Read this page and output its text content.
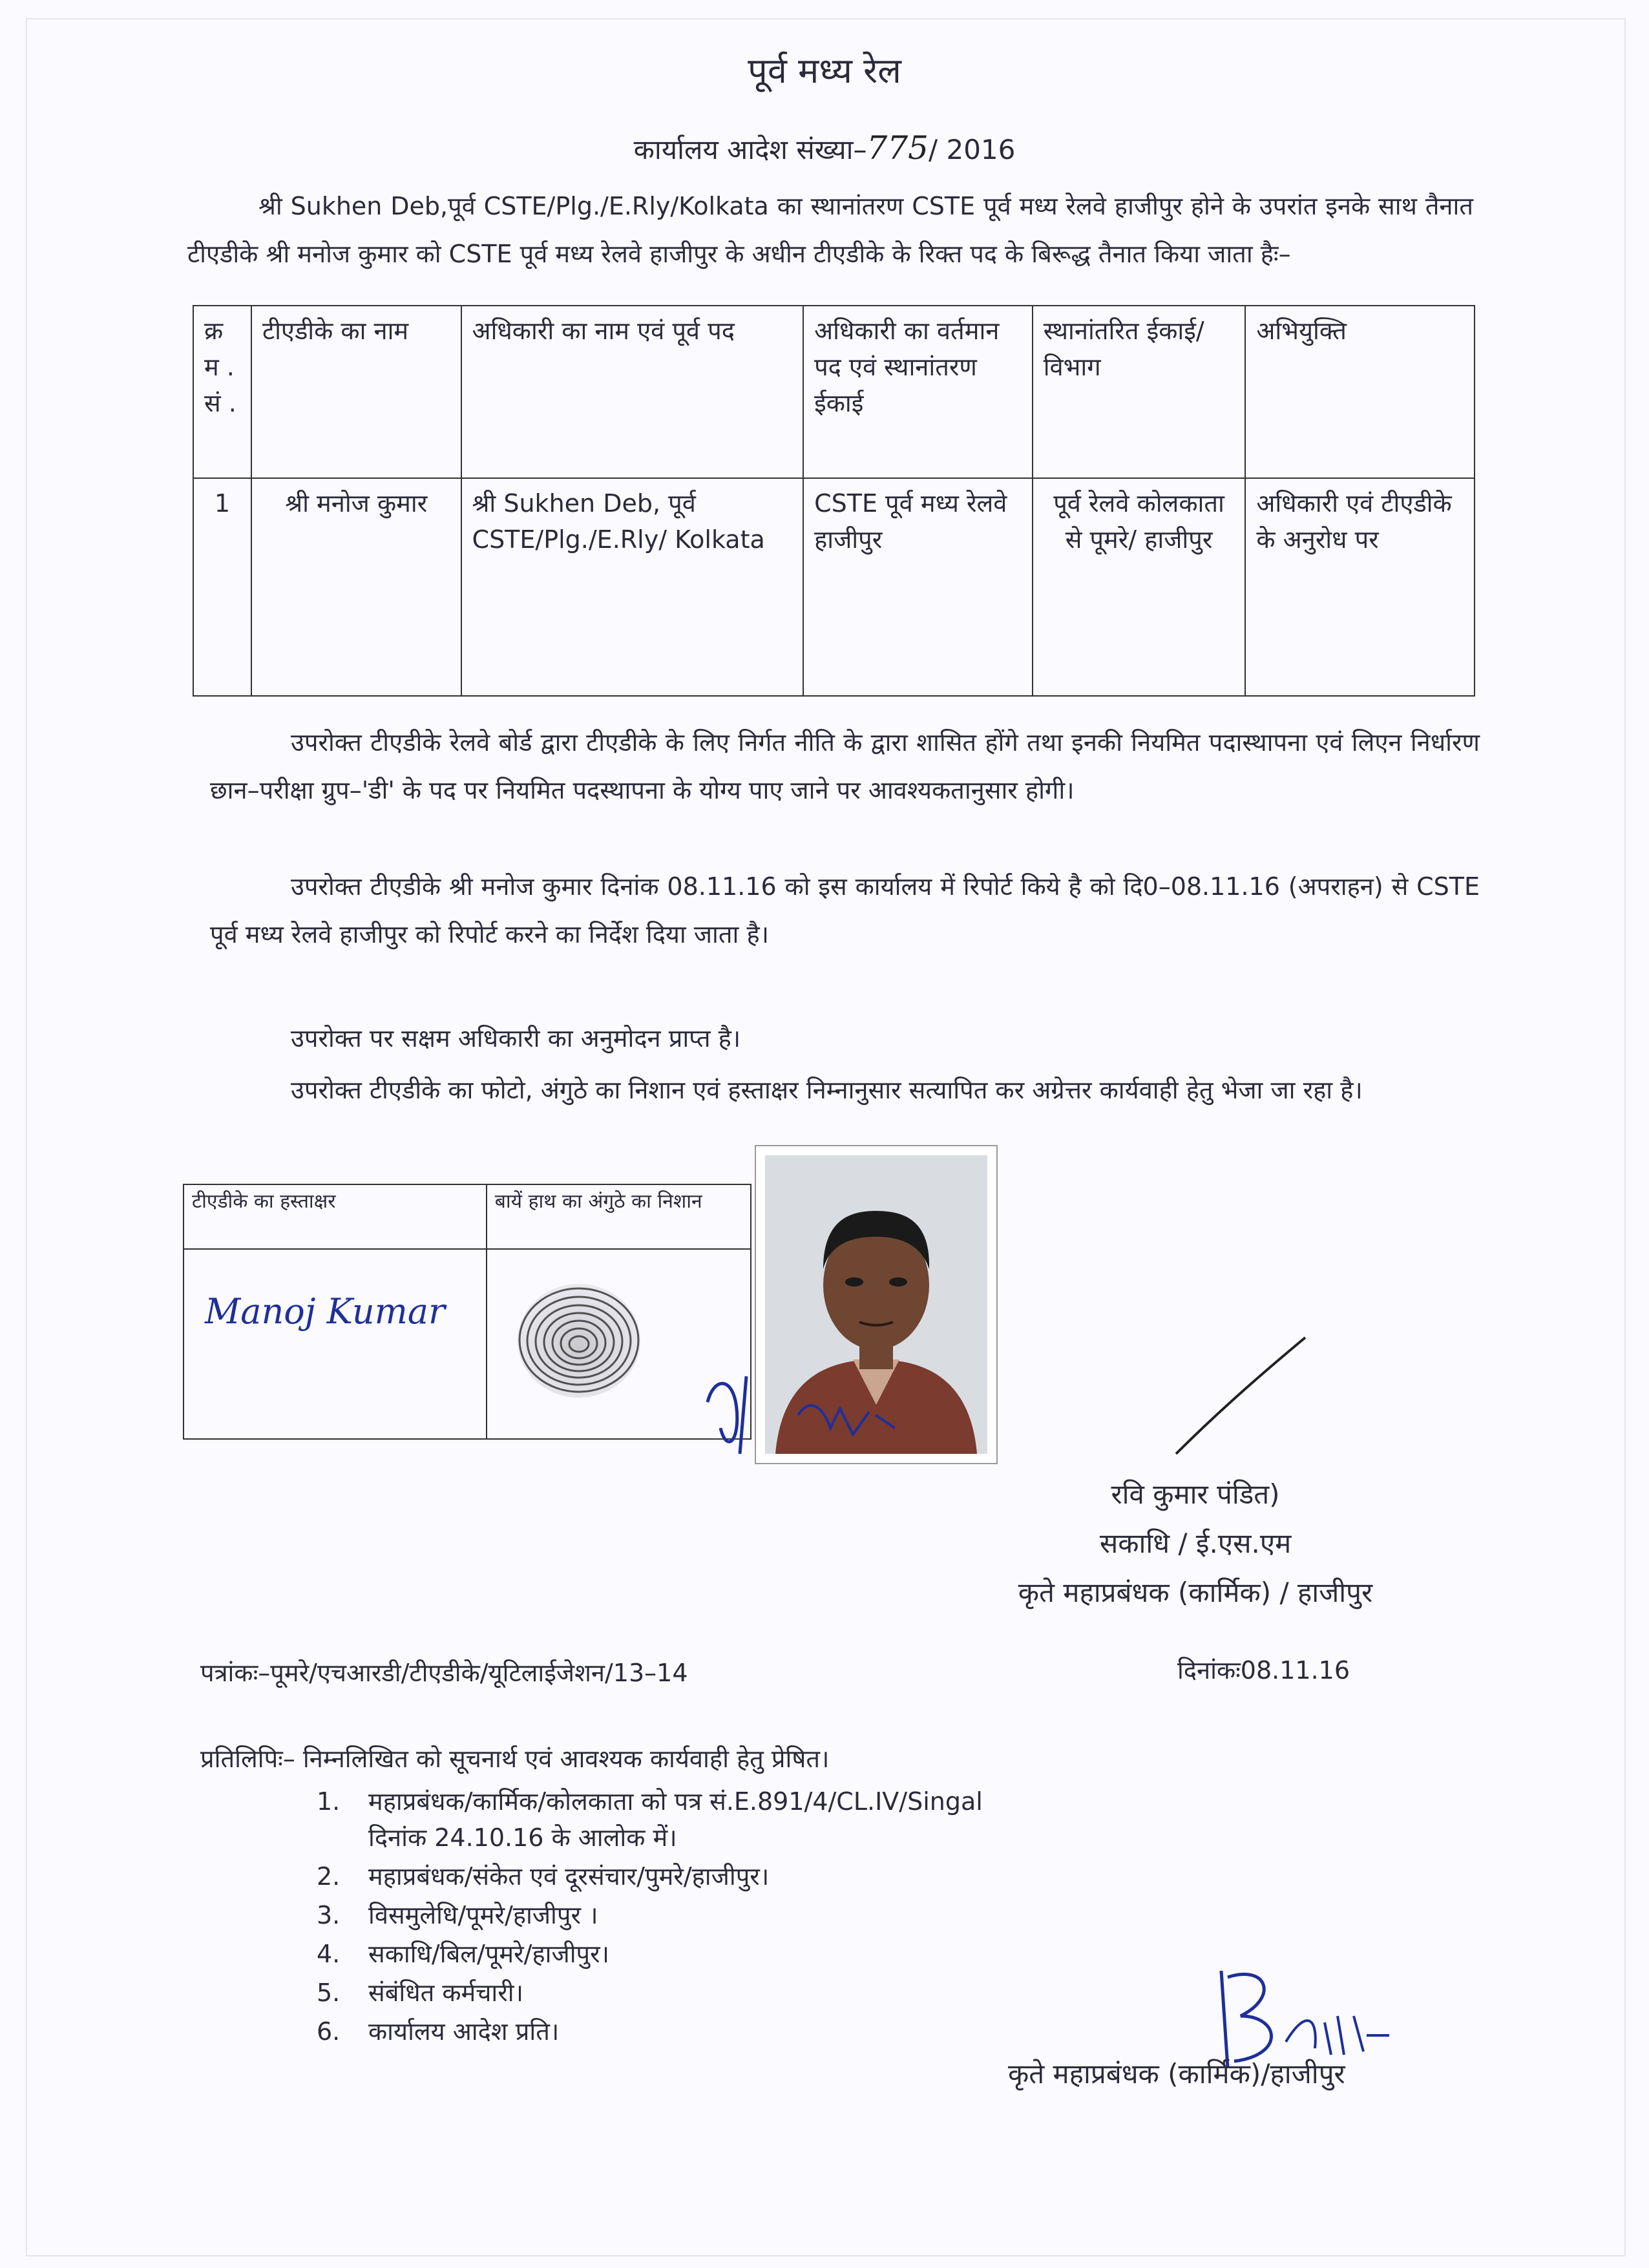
पूर्व मध्य रेल
कार्यालय आदेश संख्या–775/ 2016
श्री Sukhen Deb,पूर्व CSTE/Plg./E.Rly/Kolkata का स्थानांतरण CSTE पूर्व मध्य रेलवे हाजीपुर होने के उपरांत इनके साथ तैनात टीएडीके श्री मनोज कुमार को CSTE पूर्व मध्य रेलवे हाजीपुर के अधीन टीएडीके के रिक्त पद के बिरूद्ध तैनात किया जाता हैः–
क्र म . सं .	टीएडीके का नाम	अधिकारी का नाम एवं पूर्व पद	अधिकारी का वर्तमान पद एवं स्थानांतरण ईकाई	स्थानांतरित ईकाई/ विभाग	अभियुक्ति
1	श्री मनोज कुमार	श्री Sukhen Deb, पूर्व CSTE/Plg./E.Rly/ Kolkata	CSTE पूर्व मध्य रेलवे हाजीपुर	पूर्व रेलवे कोलकाता से पूमरे/ हाजीपुर	अधिकारी एवं टीएडीके के अनुरोध पर
उपरोक्त टीएडीके रेलवे बोर्ड द्वारा टीएडीके के लिए निर्गत नीति के द्वारा शासित होंगे तथा इनकी नियमित पदास्थापना एवं लिएन निर्धारण छान–परीक्षा ग्रुप–'डी' के पद पर नियमित पदस्थापना के योग्य पाए जाने पर आवश्यकतानुसार होगी।
उपरोक्त टीएडीके श्री मनोज कुमार दिनांक 08.11.16 को इस कार्यालय में रिपोर्ट किये है को दि0–08.11.16 (अपराहन) से CSTE पूर्व मध्य रेलवे हाजीपुर को रिपोर्ट करने का निर्देश दिया जाता है।
उपरोक्त पर सक्षम अधिकारी का अनुमोदन प्राप्त है।
उपरोक्त टीएडीके का फोटो, अंगुठे का निशान एवं हस्ताक्षर निम्नानुसार सत्यापित कर अग्रेत्तर कार्यवाही हेतु भेजा जा रहा है।
टीएडीके का हस्ताक्षर	बायें हाथ का अंगुठे का निशान

Manoj Kumar

रवि कुमार पंडित)
सकाधि / ई.एस.एम
कृते महाप्रबंधक (कार्मिक) / हाजीपुर
पत्रांकः–पूमरे/एचआरडी/टीएडीके/यूटिलाईजेशन/13–14	दिनांकः08.11.16
प्रतिलिपिः– निम्नलिखित को सूचनार्थ एवं आवश्यक कार्यवाही हेतु प्रेषित।
1. महाप्रबंधक/कार्मिक/कोलकाता को पत्र सं.E.891/4/CL.IV/Singal
दिनांक 24.10.16 के आलोक में।
2. महाप्रबंधक/संकेत एवं दूरसंचार/पुमरे/हाजीपुर।
3. विसमुलेधि/पूमरे/हाजीपुर ।
4. सकाधि/बिल/पूमरे/हाजीपुर।
5. संबंधित कर्मचारी।
6. कार्यालय आदेश प्रति।
कृते महाप्रबंधक (कार्मिक)/हाजीपुर
